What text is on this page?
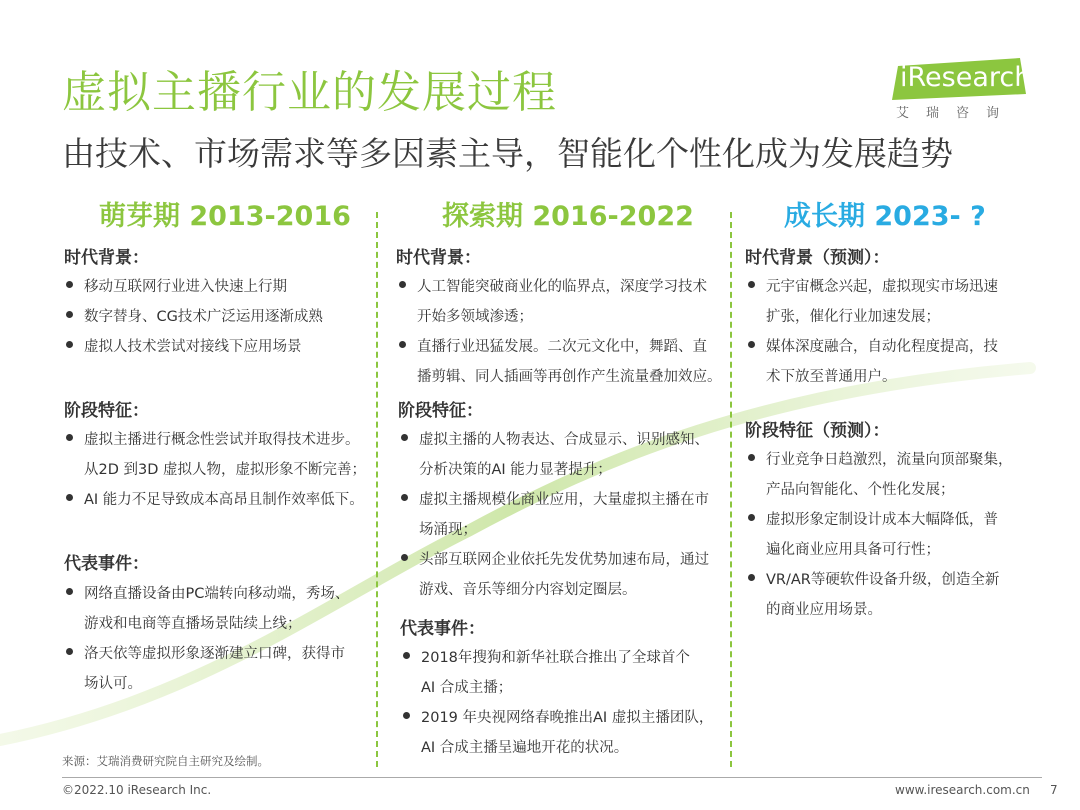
虚拟主播行业的发展过程
由技术、市场需求等多因素主导，智能化个性化成为发展趋势
iResearch
艾瑞咨询
萌芽期 2013-2016	探索期 2016-2022	成长期 2023- ?
时代背景：
移动互联网行业进入快速上行期
数字替身、CG技术广泛运用逐渐成熟
虚拟人技术尝试对接线下应用场景
阶段特征：
虚拟主播进行概念性尝试并取得技术进步。
从2D 到3D 虚拟人物，虚拟形象不断完善；
AI 能力不足导致成本高昂且制作效率低下。
代表事件：
网络直播设备由PC端转向移动端，秀场、
游戏和电商等直播场景陆续上线；
洛天依等虚拟形象逐渐建立口碑，获得市
场认可。
时代背景：
人工智能突破商业化的临界点，深度学习技术
开始多领域渗透；
直播行业迅猛发展。二次元文化中，舞蹈、直
播剪辑、同人插画等再创作产生流量叠加效应。
阶段特征：
虚拟主播的人物表达、合成显示、识别感知、
分析决策的AI 能力显著提升；
虚拟主播规模化商业应用，大量虚拟主播在市
场涌现；
头部互联网企业依托先发优势加速布局，通过
游戏、音乐等细分内容划定圈层。
代表事件：
2018年搜狗和新华社联合推出了全球首个
AI 合成主播；
2019 年央视网络春晚推出AI 虚拟主播团队，
AI 合成主播呈遍地开花的状况。
时代背景（预测）：
元宇宙概念兴起，虚拟现实市场迅速
扩张，催化行业加速发展；
媒体深度融合，自动化程度提高，技
术下放至普通用户。
阶段特征（预测）：
行业竞争日趋激烈，流量向顶部聚集，
产品向智能化、个性化发展；
虚拟形象定制设计成本大幅降低，普
遍化商业应用具备可行性；
VR/AR等硬软件设备升级，创造全新
的商业应用场景。
来源：艾瑞消费研究院自主研究及绘制。
©2022.10 iResearch Inc.	www.iresearch.com.cn 7
